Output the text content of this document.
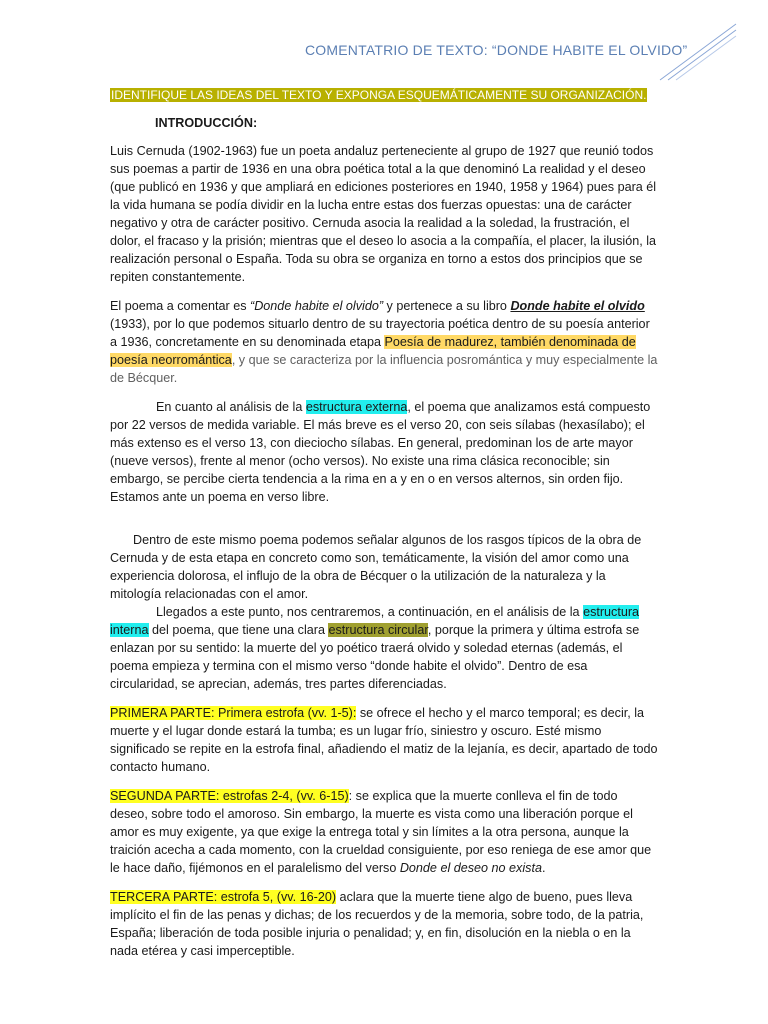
COMENTATRIO DE TEXTO: “DONDE HABITE EL OLVIDO”
IDENTIFIQUE LAS IDEAS DEL TEXTO Y EXPONGA ESQUEMÁTICAMENTE SU ORGANIZACIÓN.
INTRODUCCIÓN:

Luis Cernuda (1902-1963) fue un poeta andaluz perteneciente al grupo de 1927 que reunió todos sus poemas a partir de 1936 en una obra poética total a la que denominó La realidad y el deseo (que publicó en 1936 y que ampliará en ediciones posteriores en 1940, 1958 y 1964) pues para él la vida humana se podía dividir en la lucha entre estas dos fuerzas opuestas: una de carácter negativo y otra de carácter positivo. Cernuda asocia la realidad a la soledad, la frustración, el dolor, el fracaso y la prisión; mientras que el deseo lo asocia a la compañía, el placer, la ilusión, la realización personal o España. Toda su obra se organiza en torno a estos dos principios que se repiten constantemente.

El poema a comentar es “Donde habite el olvido” y pertenece a su libro Donde habite el olvido (1933), por lo que podemos situarlo dentro de su trayectoria poética dentro de su poesía anterior a 1936, concretamente en su denominada etapa Poesía de madurez, también denominada de poesía neorromántica, y que se caracteriza por la influencia posromántica y muy especialmente la de Bécquer.

En cuanto al análisis de la estructura externa, el poema que analizamos está compuesto por 22 versos de medida variable. El más breve es el verso 20, con seis sílabas (hexasílabo); el más extenso es el verso 13, con dieciocho sílabas. En general, predominan los de arte mayor (nueve versos), frente al menor (ocho versos). No existe una rima clásica reconocible; sin embargo, se percibe cierta tendencia a la rima en a y en o en versos alternos, sin orden fijo. Estamos ante un poema en verso libre.

Dentro de este mismo poema podemos señalar algunos de los rasgos típicos de la obra de Cernuda y de esta etapa en concreto como son, temáticamente, la visión del amor como una experiencia dolorosa, el influjo de la obra de Bécquer o la utilización de la naturaleza y la mitología relacionadas con el amor.

Llegados a este punto, nos centraremos, a continuación, en el análisis de la estructura interna del poema, que tiene una clara estructura circular, porque la primera y última estrofa se enlazan por su sentido: la muerte del yo poético traerá olvido y soledad eternas (además, el poema empieza y termina con el mismo verso “donde habite el olvido”. Dentro de esa circularidad, se aprecian, además, tres partes diferenciadas.

PRIMERA PARTE: Primera estrofa (vv. 1-5): se ofrece el hecho y el marco temporal; es decir, la muerte y el lugar donde estará la tumba; es un lugar frío, siniestro y oscuro. Esté mismo significado se repite en la estrofa final, añadiendo el matiz de la lejanía, es decir, apartado de todo contacto humano.

SEGUNDA PARTE: estrofas 2-4, (vv. 6-15): se explica que la muerte conlleva el fin de todo deseo, sobre todo el amoroso. Sin embargo, la muerte es vista como una liberación porque el amor es muy exigente, ya que exige la entrega total y sin límites a la otra persona, aunque la traición acecha a cada momento, con la crueldad consiguiente, por eso reniega de ese amor que le hace daño, fijémonos en el paralelismo del verso Donde el deseo no exista.

TERCERA PARTE: estrofa 5, (vv. 16-20) aclara que la muerte tiene algo de bueno, pues lleva implícito el fin de las penas y dichas; de los recuerdos y de la memoria, sobre todo, de la patria, España; liberación de toda posible injuria o penalidad; y, en fin, disolución en la niebla o en la nada etérea y casi imperceptible.
